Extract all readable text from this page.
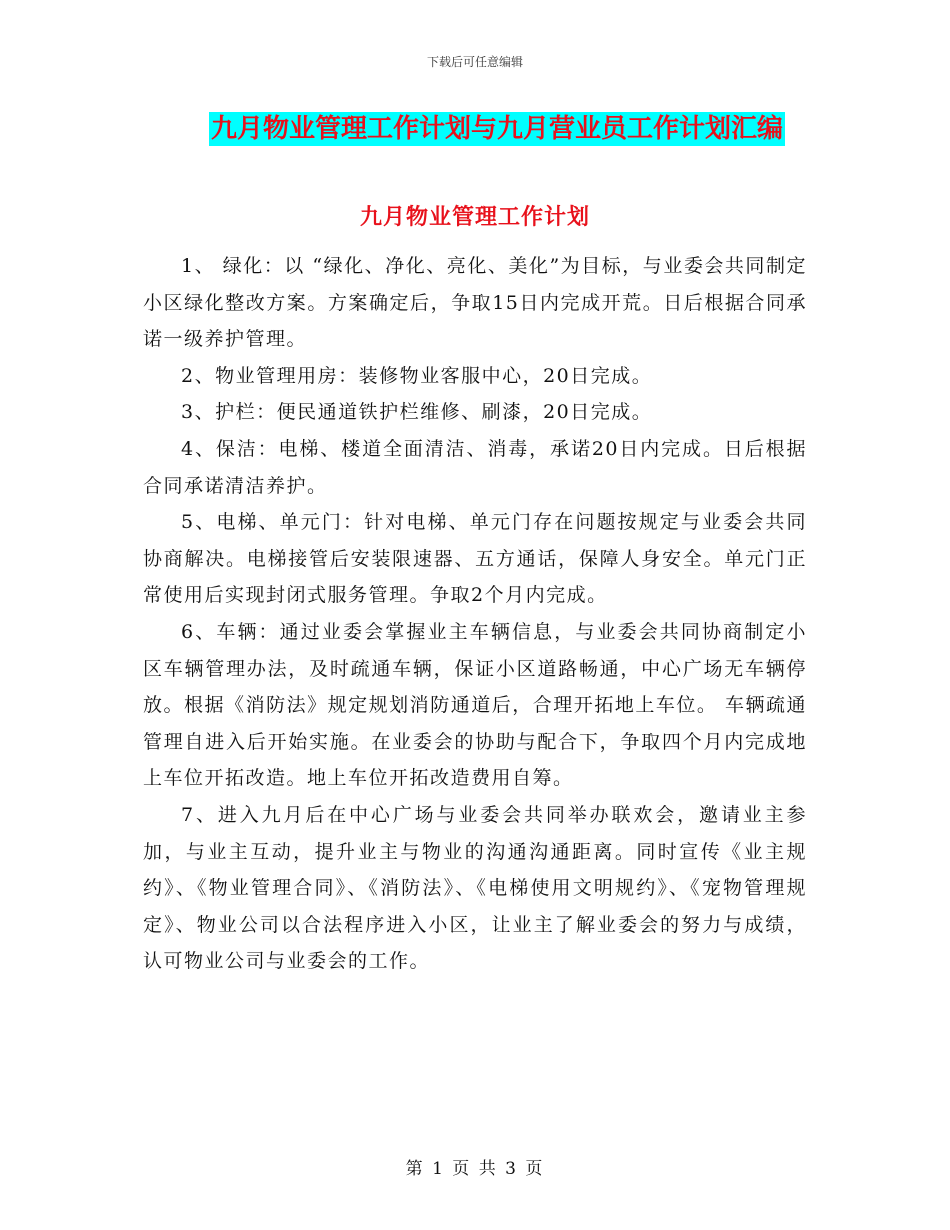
下载后可任意编辑
九月物业管理工作计划与九月营业员工作计划汇编
九月物业管理工作计划

1、 绿化：以 “绿化、净化、亮化、美化”为目标，与业委会共同制定小区绿化整改方案。方案确定后，争取15日内完成开荒。日后根据合同承诺一级养护管理。

2、物业管理用房：装修物业客服中心，20日完成。

3、护栏：便民通道铁护栏维修、刷漆，20日完成。

4、保洁：电梯、楼道全面清洁、消毒，承诺20日内完成。日后根据合同承诺清洁养护。

5、电梯、单元门：针对电梯、单元门存在问题按规定与业委会共同协商解决。电梯接管后安装限速器、五方通话，保障人身安全。单元门正常使用后实现封闭式服务管理。争取2个月内完成。

6、车辆：通过业委会掌握业主车辆信息，与业委会共同协商制定小区车辆管理办法，及时疏通车辆，保证小区道路畅通，中心广场无车辆停放。根据《消防法》规定规划消防通道后，合理开拓地上车位。 车辆疏通管理自进入后开始实施。在业委会的协助与配合下，争取四个月内完成地上车位开拓改造。地上车位开拓改造费用自筹。

7、进入九月后在中心广场与业委会共同举办联欢会，邀请业主参加，与业主互动，提升业主与物业的沟通沟通距离。同时宣传《业主规约》、《物业管理合同》、《消防法》、《电梯使用文明规约》、《宠物管理规定》、物业公司以合法程序进入小区，让业主了解业委会的努力与成绩，认可物业公司与业委会的工作。

第 1 页 共 3 页
